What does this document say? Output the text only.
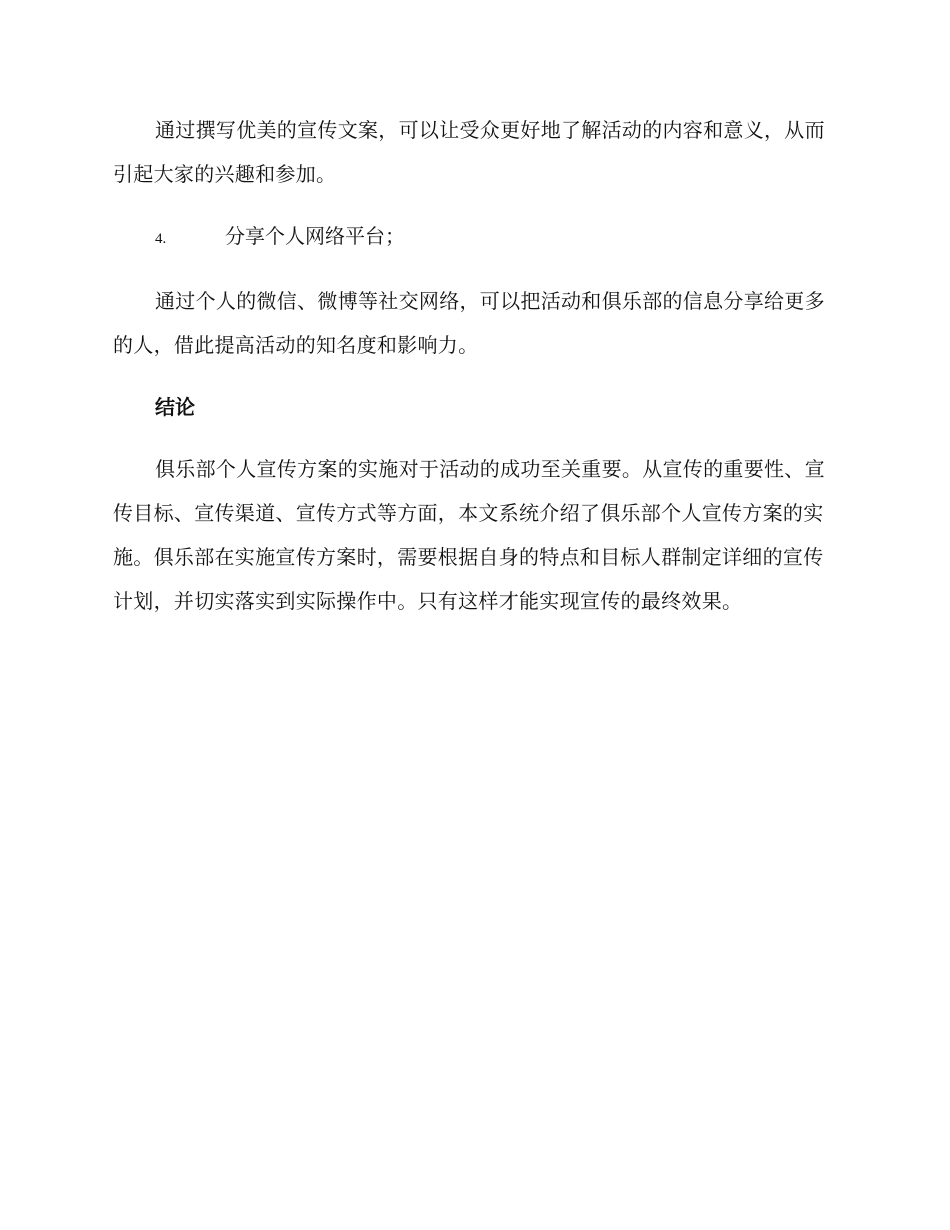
通过撰写优美的宣传文案，可以让受众更好地了解活动的内容和意义，从而引起大家的兴趣和参加。

4.	分享个人网络平台；

通过个人的微信、微博等社交网络，可以把活动和俱乐部的信息分享给更多的人，借此提高活动的知名度和影响力。

结论

俱乐部个人宣传方案的实施对于活动的成功至关重要。从宣传的重要性、宣传目标、宣传渠道、宣传方式等方面，本文系统介绍了俱乐部个人宣传方案的实施。俱乐部在实施宣传方案时，需要根据自身的特点和目标人群制定详细的宣传计划，并切实落实到实际操作中。只有这样才能实现宣传的最终效果。
